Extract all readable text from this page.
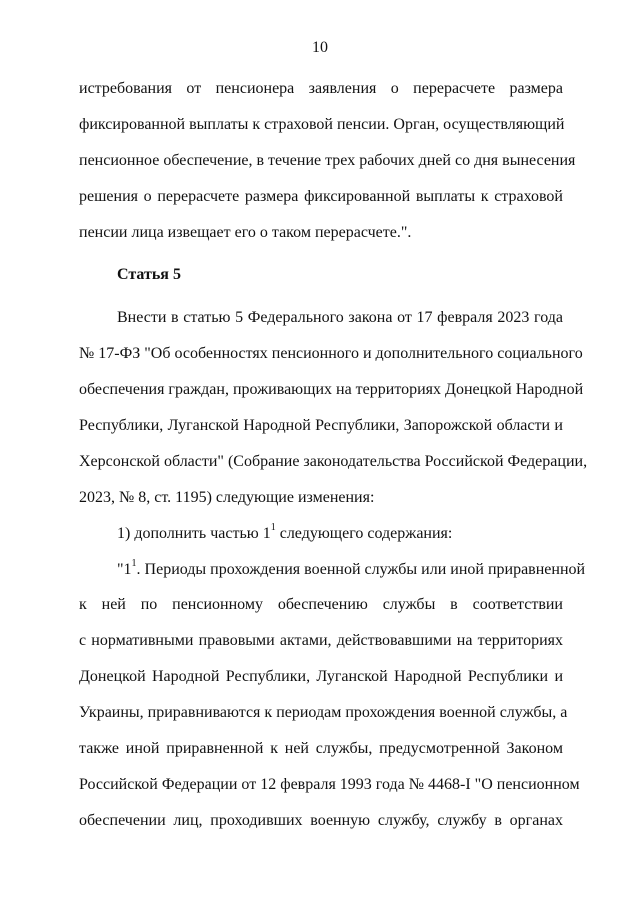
10
истребования от пенсионера заявления о перерасчете размера
фиксированной выплаты к страховой пенсии. Орган, осуществляющий
пенсионное обеспечение, в течение трех рабочих дней со дня вынесения
решения о перерасчете размера фиксированной выплаты к страховой
пенсии лица извещает его о таком перерасчете.".
Статья 5
Внести в статью 5 Федерального закона от 17 февраля 2023 года
№ 17-ФЗ "Об особенностях пенсионного и дополнительного социального
обеспечения граждан, проживающих на территориях Донецкой Народной
Республики, Луганской Народной Республики, Запорожской области и
Херсонской области" (Собрание законодательства Российской Федерации,
2023, № 8, ст. 1195) следующие изменения:
1) дополнить частью $1^1$ следующего содержания:
"$1^1$. Периоды прохождения военной службы или иной приравненной
к ней по пенсионному обеспечению службы в соответствии
с нормативными правовыми актами, действовавшими на территориях
Донецкой Народной Республики, Луганской Народной Республики и
Украины, приравниваются к периодам прохождения военной службы, а
также иной приравненной к ней службы, предусмотренной Законом
Российской Федерации от 12 февраля 1993 года № 4468-I "О пенсионном
обеспечении лиц, проходивших военную службу, службу в органах
